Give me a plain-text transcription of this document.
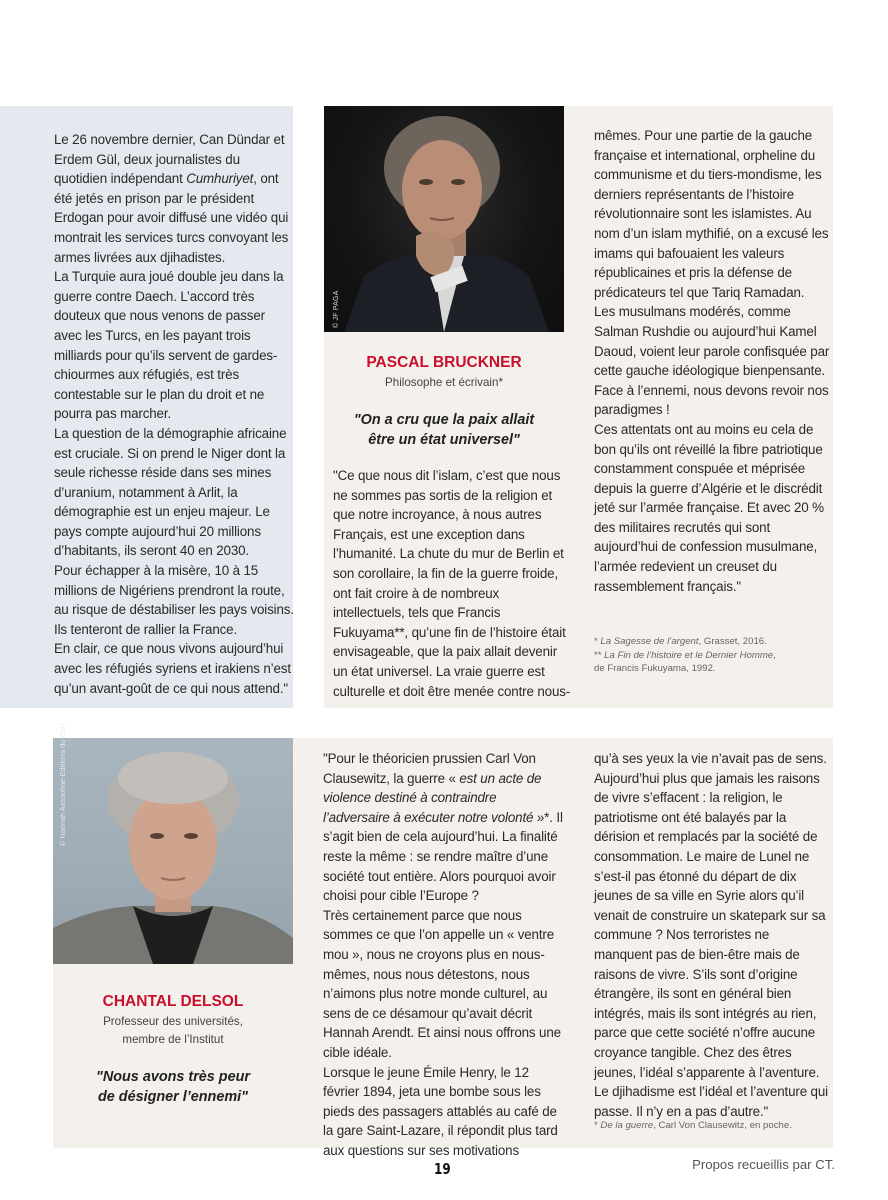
Le 26 novembre dernier, Can Dündar et Erdem Gül, deux journalistes du quotidien indépendant Cumhuriyet, ont été jetés en prison par le président Erdogan pour avoir diffusé une vidéo qui montrait les services turcs convoyant les armes livrées aux djihadistes.

La Turquie aura joué double jeu dans la guerre contre Daech. L’accord très douteux que nous venons de passer avec les Turcs, en les payant trois milliards pour qu’ils servent de gardes-chiourmes aux réfugiés, est très contestable sur le plan du droit et ne pourra pas marcher.

La question de la démographie africaine est cruciale. Si on prend le Niger dont la seule richesse réside dans ses mines d’uranium, notamment à Arlit, la démographie est un enjeu majeur. Le pays compte aujourd’hui 20 millions d’habitants, ils seront 40 en 2030.

Pour échapper à la misère, 10 à 15 millions de Nigériens prendront la route, au risque de déstabiliser les pays voisins. Ils tenteront de rallier la France.

En clair, ce que nous vivons aujourd’hui avec les réfugiés syriens et irakiens n’est qu’un avant-goût de ce qui nous attend."

© JF PAGA

PASCAL BRUCKNER

Philosophe et écrivain*

"On a cru que la paix allait
être un état universel"

"Ce que nous dit l’islam, c’est que nous ne sommes pas sortis de la religion et que notre incroyance, à nous autres Français, est une exception dans l’humanité. La chute du mur de Berlin et son corollaire, la fin de la guerre froide, ont fait croire à de nombreux intellectuels, tels que Francis Fukuyama**, qu’une fin de l’histoire était envisageable, que la paix allait devenir un état universel. La vraie guerre est culturelle et doit être menée contre nous-

mêmes. Pour une partie de la gauche française et international, orpheline du communisme et du tiers-mondisme, les derniers représentants de l’histoire révolutionnaire sont les islamistes. Au nom d’un islam mythifié, on a excusé les imams qui bafouaient les valeurs républicaines et pris la défense de prédicateurs tel que Tariq Ramadan.

Les musulmans modérés, comme Salman Rushdie ou aujourd’hui Kamel Daoud, voient leur parole confisquée par cette gauche idéologique bienpensante.

Face à l’ennemi, nous devons revoir nos paradigmes !

Ces attentats ont au moins eu cela de bon qu’ils ont réveillé la fibre patriotique constamment conspuée et méprisée depuis la guerre d’Algérie et le discrédit jeté sur l’armée française. Et avec 20 % des militaires recrutés qui sont aujourd’hui de confession musulmane, l’armée redevient un creuset du rassemblement français."

* La Sagesse de l’argent, Grasset, 2016.

** La Fin de l’histoire et le Dernier Homme,

de Francis Fukuyama, 1992.

© Hannah Assouline-Editions du Cerf

CHANTAL DELSOL

Professeur des universités,
membre de l’Institut

"Nous avons très peur
de désigner l’ennemi"

"Pour le théoricien prussien Carl Von Clausewitz, la guerre « est un acte de violence destiné à contraindre l’adversaire à exécuter notre volonté »*. Il s’agit bien de cela aujourd’hui. La finalité reste la même : se rendre maître d’une société tout entière. Alors pourquoi avoir choisi pour cible l’Europe ?

Très certainement parce que nous sommes ce que l’on appelle un « ventre mou », nous ne croyons plus en nous-mêmes, nous nous détestons, nous n’aimons plus notre monde culturel, au sens de ce désamour qu’avait décrit Hannah Arendt. Et ainsi nous offrons une cible idéale.

Lorsque le jeune Émile Henry, le 12 février 1894, jeta une bombe sous les pieds des passagers attablés au café de la gare Saint-Lazare, il répondit plus tard aux questions sur ses motivations

qu’à ses yeux la vie n’avait pas de sens. Aujourd’hui plus que jamais les raisons de vivre s’effacent : la religion, le patriotisme ont été balayés par la dérision et remplacés par la société de consommation. Le maire de Lunel ne s’est-il pas étonné du départ de dix jeunes de sa ville en Syrie alors qu’il venait de construire un skatepark sur sa commune ? Nos terroristes ne manquent pas de bien-être mais de raisons de vivre. S’ils sont d’origine étrangère, ils sont en général bien intégrés, mais ils sont intégrés au rien, parce que cette société n’offre aucune croyance tangible. Chez des êtres jeunes, l’idéal s’apparente à l’aventure. Le djihadisme est l’idéal et l’aventure qui passe. Il n’y en a pas d’autre."

* De la guerre, Carl Von Clausewitz, en poche.

19	Propos recueillis par CT.
